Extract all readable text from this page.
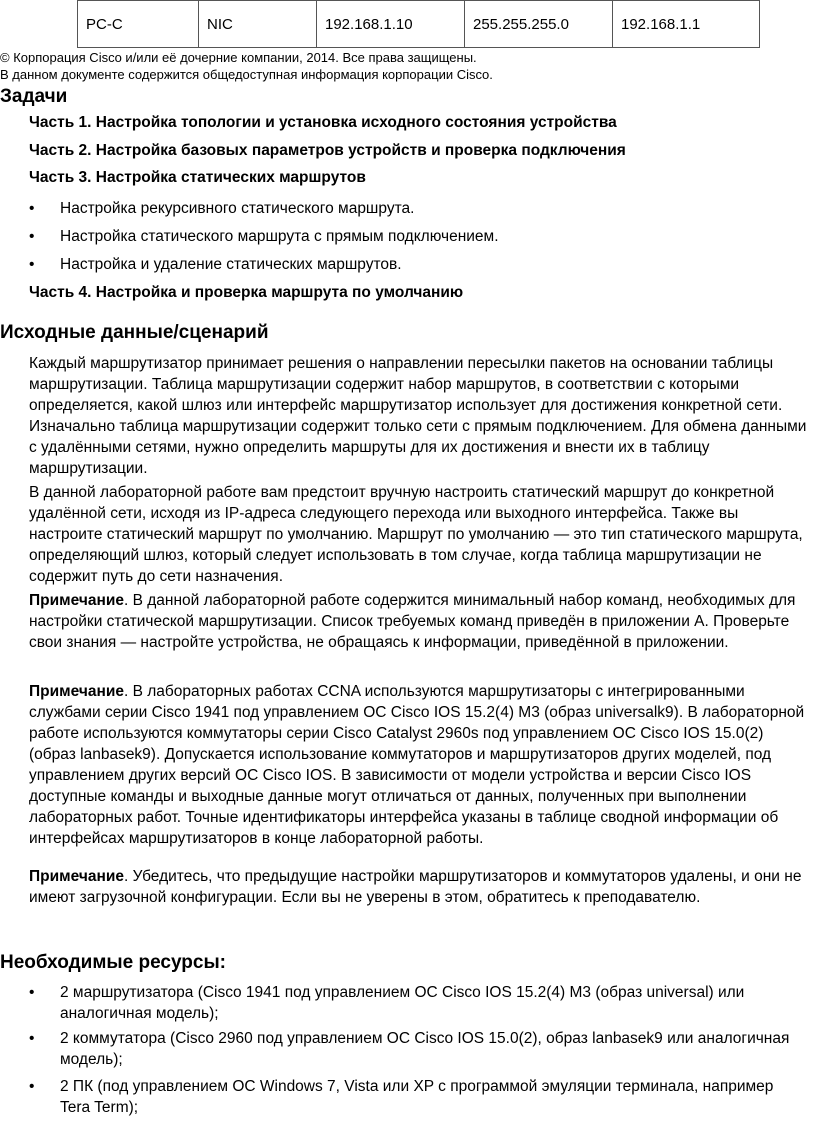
PC-C	NIC	192.168.1.10	255.255.255.0	192.168.1.1
© Корпорация Cisco и/или её дочерние компании, 2014. Все права защищены.
В данном документе содержится общедоступная информация корпорации Cisco.
Задачи
Часть 1. Настройка топологии и установка исходного состояния устройства
Часть 2. Настройка базовых параметров устройств и проверка подключения
Часть 3. Настройка статических маршрутов
• Настройка рекурсивного статического маршрута.
• Настройка статического маршрута с прямым подключением.
• Настройка и удаление статических маршрутов.
Часть 4. Настройка и проверка маршрута по умолчанию
Исходные данные/сценарий
Каждый маршрутизатор принимает решения о направлении пересылки пакетов на основании таблицы маршрутизации. Таблица маршрутизации содержит набор маршрутов, в соответствии с которыми определяется, какой шлюз или интерфейс маршрутизатор использует для достижения конкретной сети. Изначально таблица маршрутизации содержит только сети с прямым подключением. Для обмена данными с удалёнными сетями, нужно определить маршруты для их достижения и внести их в таблицу маршрутизации.
В данной лабораторной работе вам предстоит вручную настроить статический маршрут до конкретной удалённой сети, исходя из IP-адреса следующего перехода или выходного интерфейса. Также вы настроите статический маршрут по умолчанию. Маршрут по умолчанию — это тип статического маршрута, определяющий шлюз, который следует использовать в том случае, когда таблица маршрутизации не содержит путь до сети назначения.
Примечание. В данной лабораторной работе содержится минимальный набор команд, необходимых для настройки статической маршрутизации. Список требуемых команд приведён в приложении А. Проверьте свои знания — настройте устройства, не обращаясь к информации, приведённой в приложении.
Примечание. В лабораторных работах CCNA используются маршрутизаторы с интегрированными службами серии Cisco 1941 под управлением ОС Cisco IOS 15.2(4) M3 (образ universalk9). В лабораторной работе используются коммутаторы серии Cisco Catalyst 2960s под управлением ОС Cisco IOS 15.0(2) (образ lanbasek9). Допускается использование коммутаторов и маршрутизаторов других моделей, под управлением других версий ОС Cisco IOS. В зависимости от модели устройства и версии Cisco IOS доступные команды и выходные данные могут отличаться от данных, полученных при выполнении лабораторных работ. Точные идентификаторы интерфейса указаны в таблице сводной информации об интерфейсах маршрутизаторов в конце лабораторной работы.
Примечание. Убедитесь, что предыдущие настройки маршрутизаторов и коммутаторов удалены, и они не имеют загрузочной конфигурации. Если вы не уверены в этом, обратитесь к преподавателю.
Необходимые ресурсы:
• 2 маршрутизатора (Cisco 1941 под управлением ОС Cisco IOS 15.2(4) M3 (образ universal) или аналогичная модель);
• 2 коммутатора (Cisco 2960 под управлением ОС Cisco IOS 15.0(2), образ lanbasek9 или аналогичная модель);
• 2 ПК (под управлением ОС Windows 7, Vista или XP с программой эмуляции терминала, например Tera Term);
